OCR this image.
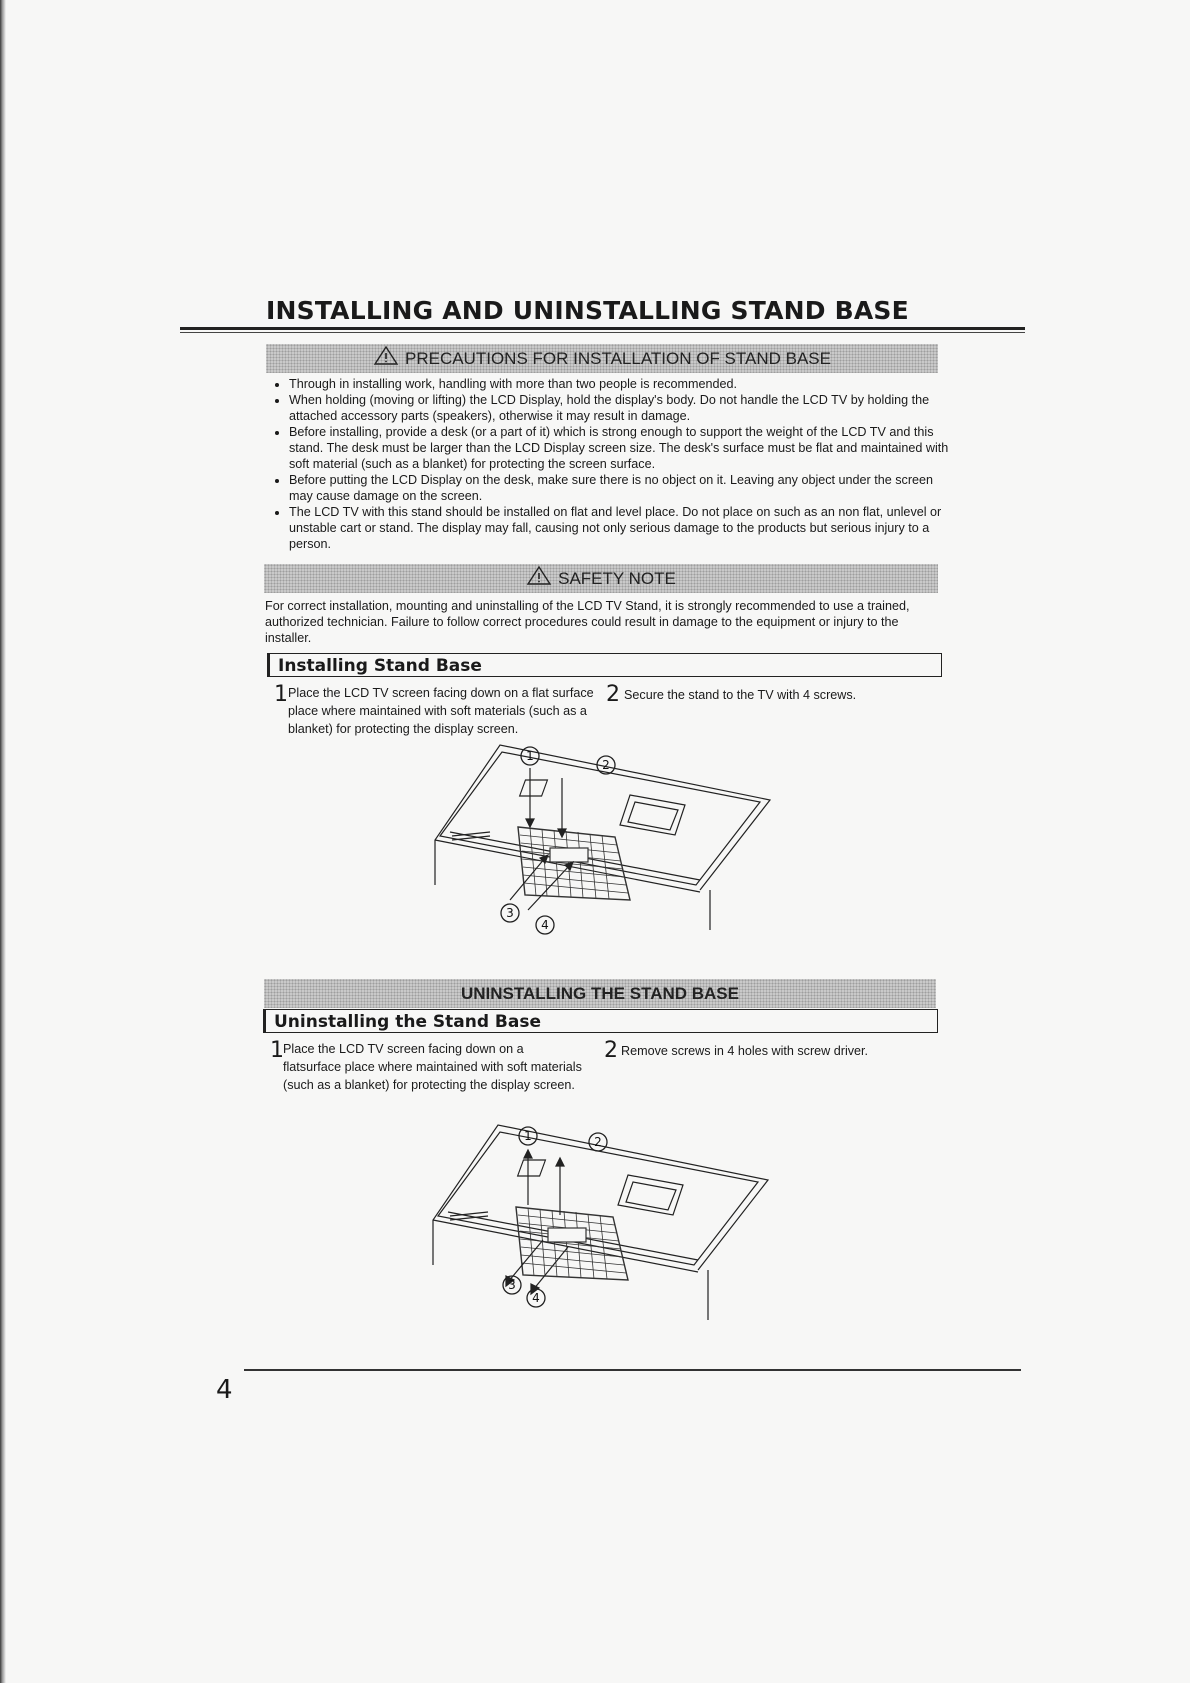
INSTALLING AND UNINSTALLING STAND BASE
PRECAUTIONS FOR INSTALLATION OF STAND BASE
• Through in installing work, handling with more than two people is recommended.
• When holding (moving or lifting) the LCD Display, hold the display's body. Do not handle the LCD TV by holding the attached accessory parts (speakers), otherwise it may result in damage.
• Before installing, provide a desk (or a part of it) which is strong enough to support the weight of the LCD TV and this stand. The desk must be larger than the LCD Display screen size. The desk's surface must be flat and maintained with soft material (such as a blanket) for protecting the screen surface.
• Before putting the LCD Display on the desk, make sure there is no object on it. Leaving any object under the screen may cause damage on the screen.
• The LCD TV with this stand should be installed on flat and level place. Do not place on such as an non flat, unlevel or unstable cart or stand. The display may fall, causing not only serious damage to the products but serious injury to a person.
SAFETY NOTE
For correct installation, mounting and uninstalling of the LCD TV Stand, it is strongly recommended to use a trained, authorized technician. Failure to follow correct procedures could result in damage to the equipment or injury to the installer.
Installing Stand Base
1 Place the LCD TV screen facing down on a flat surface place where maintained with soft materials (such as a blanket) for protecting the display screen.
2 Secure the stand to the TV with 4 screws.
1
2
3
4
UNINSTALLING THE STAND BASE
Uninstalling the Stand Base
1 Place the LCD TV screen facing down on a flatsurface place where maintained with soft materials (such as a blanket) for protecting the display screen.
2 Remove screws in 4 holes with screw driver.
1	2
3
4
4
